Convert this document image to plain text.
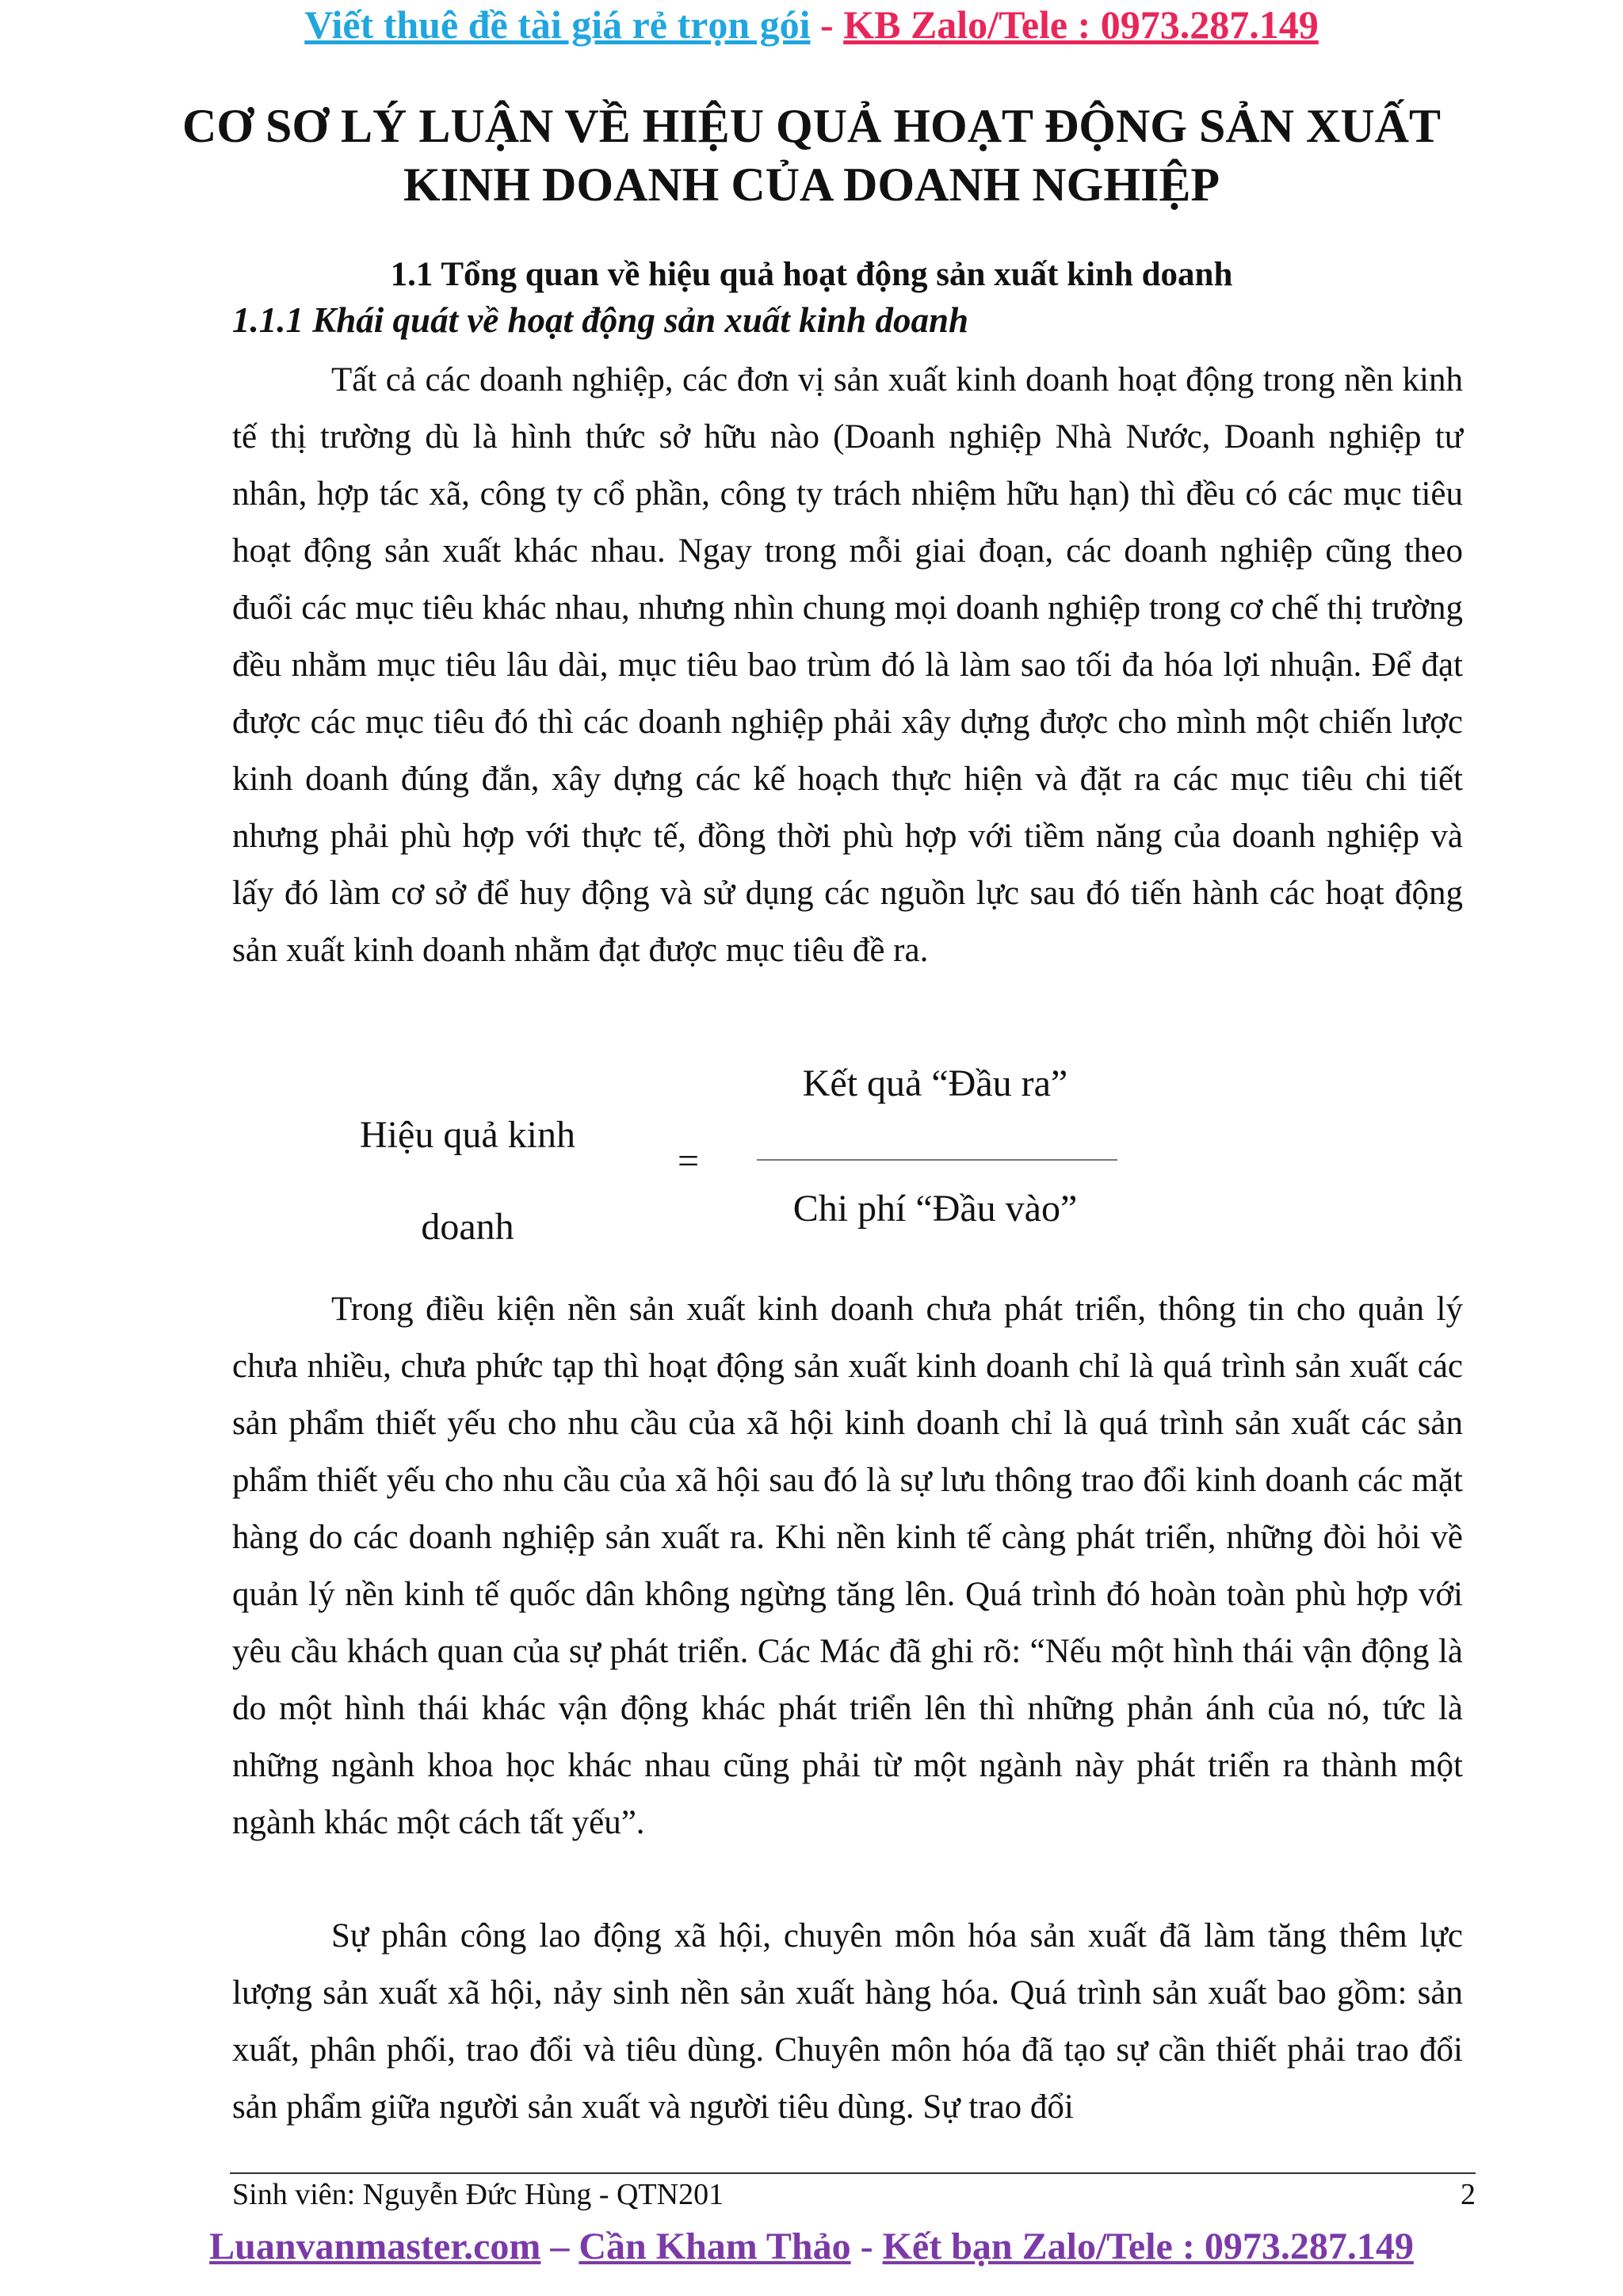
Viết thuê đề tài giá rẻ trọn gói - KB Zalo/Tele : 0973.287.149
CƠ SƠ LÝ LUẬN VỀ HIỆU QUẢ HOẠT ĐỘNG SẢN XUẤT
KINH DOANH CỦA DOANH NGHIỆP
1.1 Tổng quan về hiệu quả hoạt động sản xuất kinh doanh
1.1.1 Khái quát về hoạt động sản xuất kinh doanh

Tất cả các doanh nghiệp, các đơn vị sản xuất kinh doanh hoạt động trong nền kinh tế thị trường dù là hình thức sở hữu nào (Doanh nghiệp Nhà Nước, Doanh nghiệp tư nhân, hợp tác xã, công ty cổ phần, công ty trách nhiệm hữu hạn) thì đều có các mục tiêu hoạt động sản xuất khác nhau. Ngay trong mỗi giai đoạn, các doanh nghiệp cũng theo đuổi các mục tiêu khác nhau, nhưng nhìn chung mọi doanh nghiệp trong cơ chế thị trường đều nhằm mục tiêu lâu dài, mục tiêu bao trùm đó là làm sao tối đa hóa lợi nhuận. Để đạt được các mục tiêu đó thì các doanh nghiệp phải xây dựng được cho mình một chiến lược kinh doanh đúng đắn, xây dựng các kế hoạch thực hiện và đặt ra các mục tiêu chi tiết nhưng phải phù hợp với thực tế, đồng thời phù hợp với tiềm năng của doanh nghiệp và lấy đó làm cơ sở để huy động và sử dụng các nguồn lực sau đó tiến hành các hoạt động sản xuất kinh doanh nhằm đạt được mục tiêu đề ra.

Hiệu quả kinh
doanh
=
Kết quả “Đầu ra”
Chi phí “Đầu vào”

Trong điều kiện nền sản xuất kinh doanh chưa phát triển, thông tin cho quản lý chưa nhiều, chưa phức tạp thì hoạt động sản xuất kinh doanh chỉ là quá trình sản xuất các sản phẩm thiết yếu cho nhu cầu của xã hội kinh doanh chỉ là quá trình sản xuất các sản phẩm thiết yếu cho nhu cầu của xã hội sau đó là sự lưu thông trao đổi kinh doanh các mặt hàng do các doanh nghiệp sản xuất ra. Khi nền kinh tế càng phát triển, những đòi hỏi về quản lý nền kinh tế quốc dân không ngừng tăng lên. Quá trình đó hoàn toàn phù hợp với yêu cầu khách quan của sự phát triển. Các Mác đã ghi rõ: “Nếu một hình thái vận động là do một hình thái khác vận động khác phát triển lên thì những phản ánh của nó, tức là những ngành khoa học khác nhau cũng phải từ một ngành này phát triển ra thành một ngành khác một cách tất yếu”.

Sự phân công lao động xã hội, chuyên môn hóa sản xuất đã làm tăng thêm lực lượng sản xuất xã hội, nảy sinh nền sản xuất hàng hóa. Quá trình sản xuất bao gồm: sản xuất, phân phối, trao đổi và tiêu dùng. Chuyên môn hóa đã tạo sự cần thiết phải trao đổi sản phẩm giữa người sản xuất và người tiêu dùng. Sự trao đổi

Sinh viên: Nguyễn Đức Hùng - QTN201	2
Luanvanmaster.com – Cần Kham Thảo - Kết bạn Zalo/Tele : 0973.287.149
